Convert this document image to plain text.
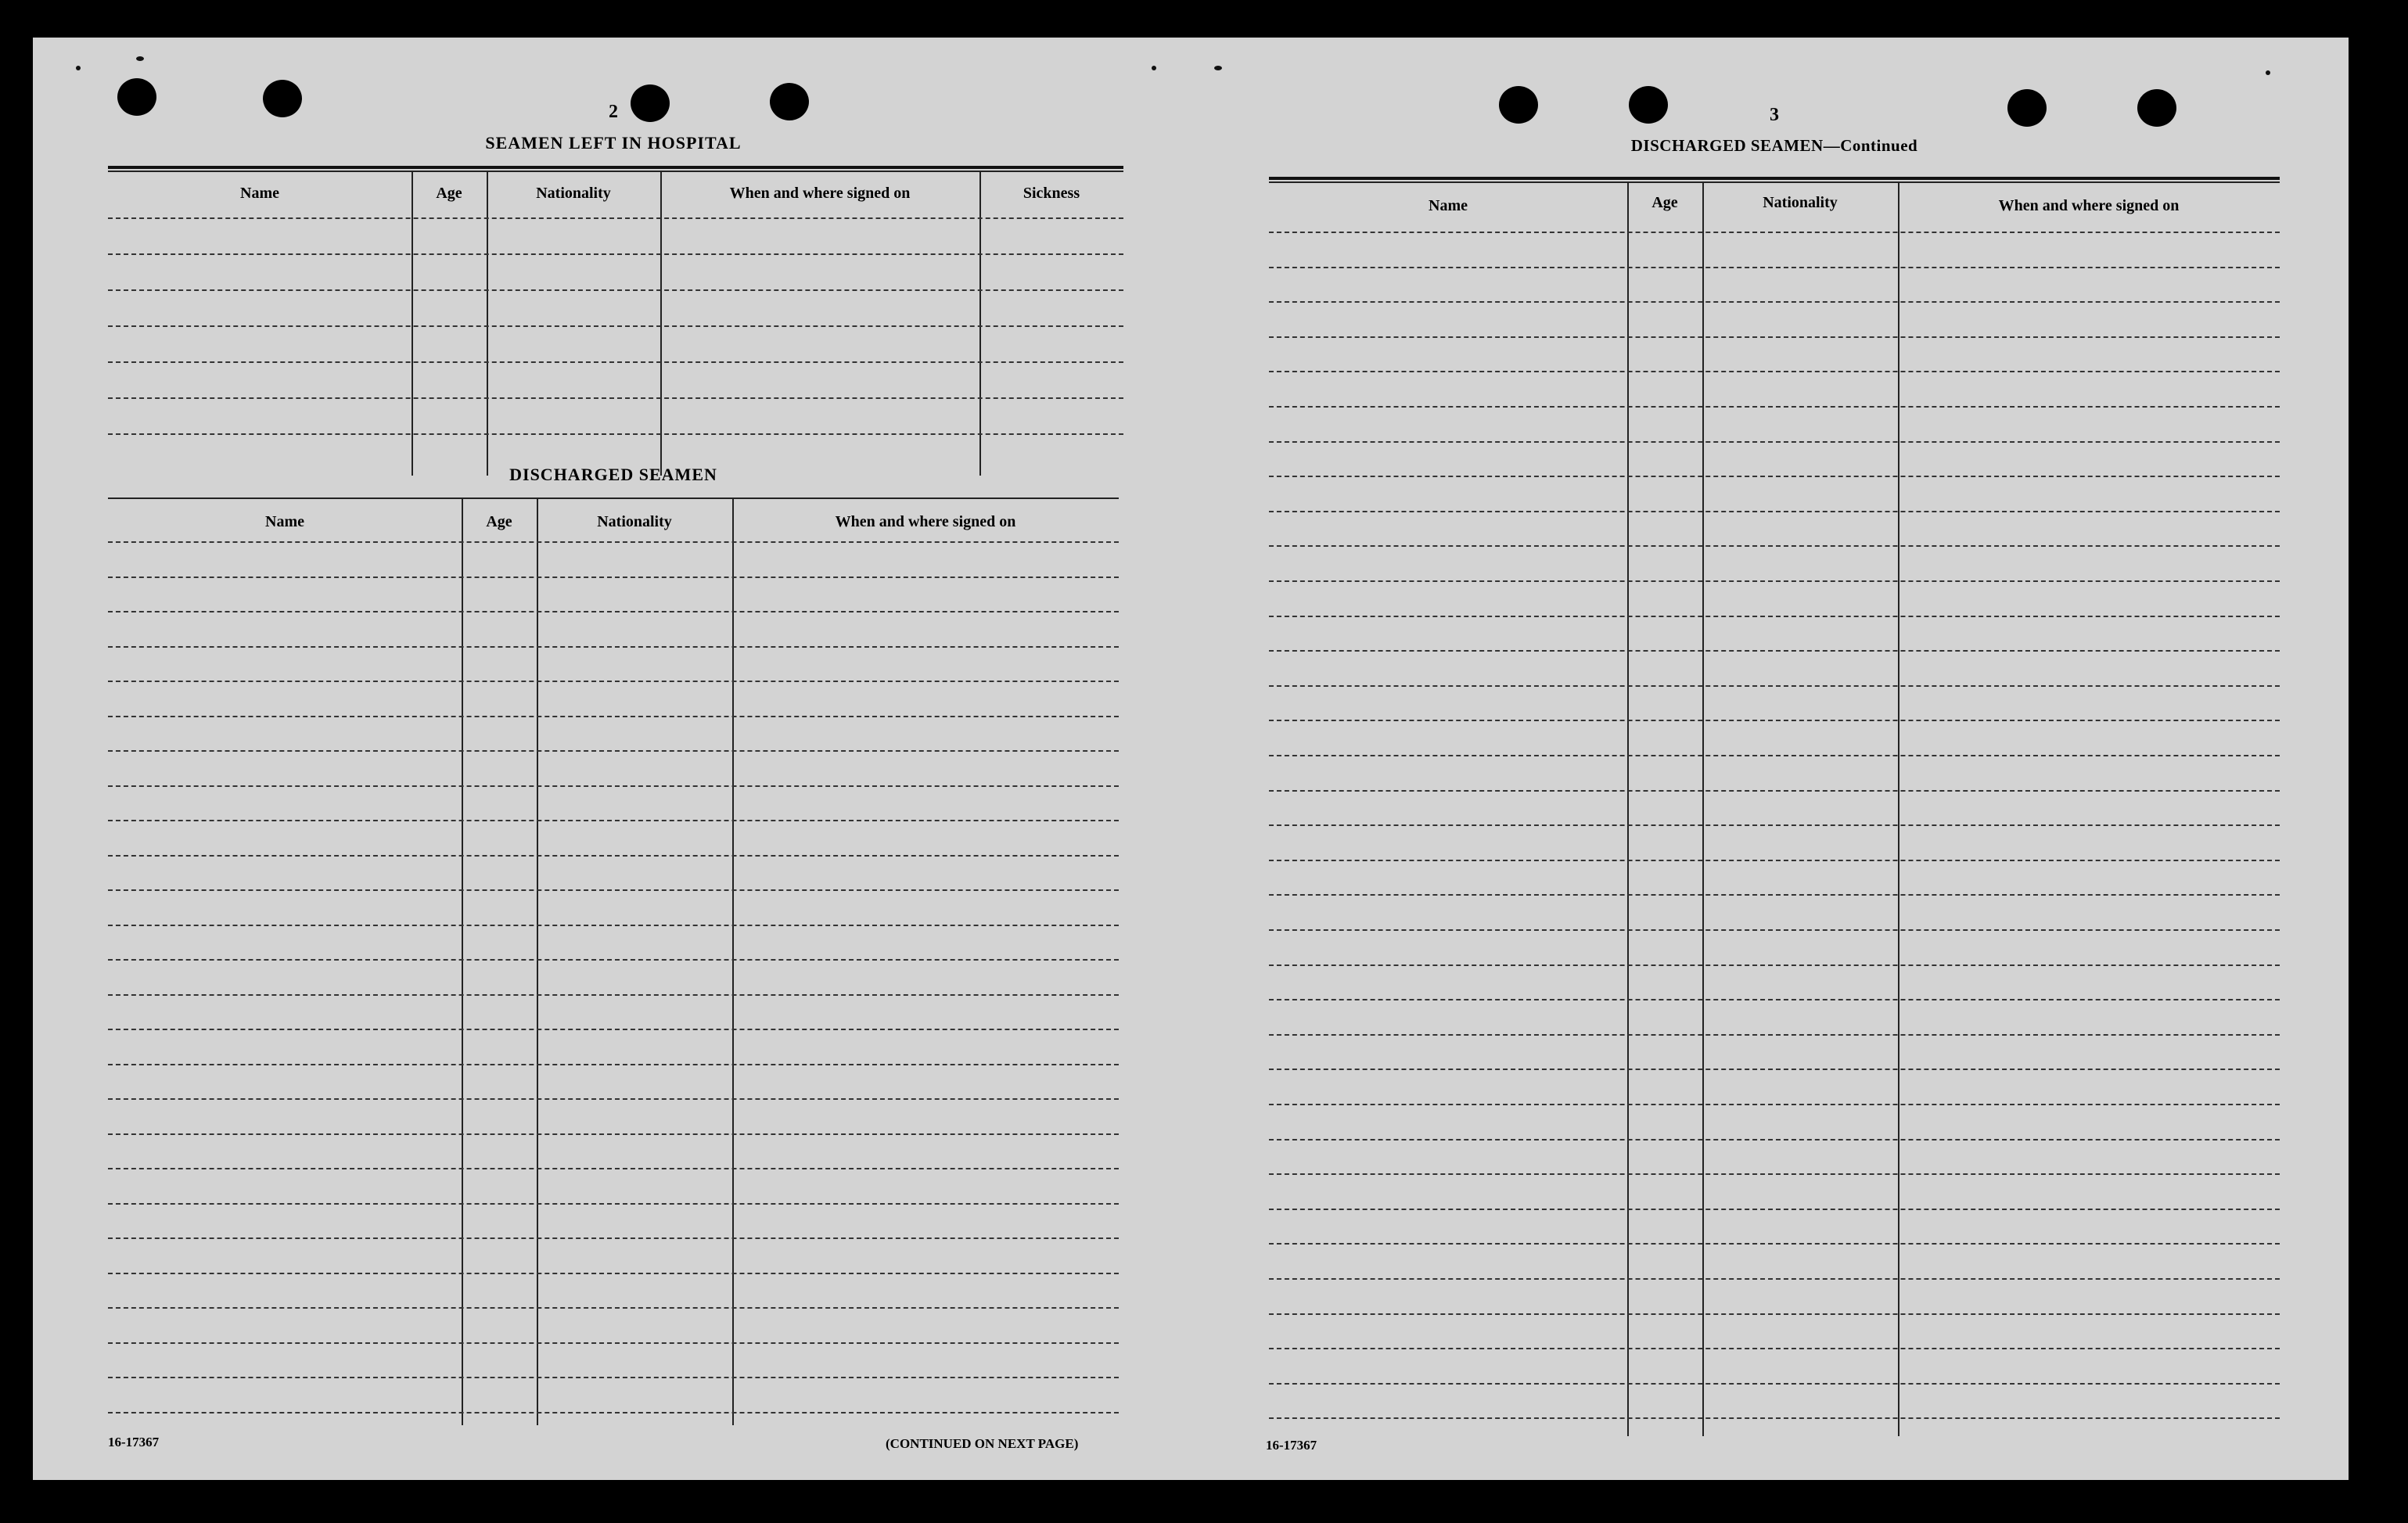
2
SEAMEN LEFT IN HOSPITAL
Name	Age	Nationality	When and where signed on	Sickness
DISCHARGED SEAMEN
Name	Age	Nationality	When and where signed on
16-17367	(CONTINUED ON NEXT PAGE)
3
DISCHARGED SEAMEN—Continued
Name	Age	Nationality	When and where signed on
16-17367
